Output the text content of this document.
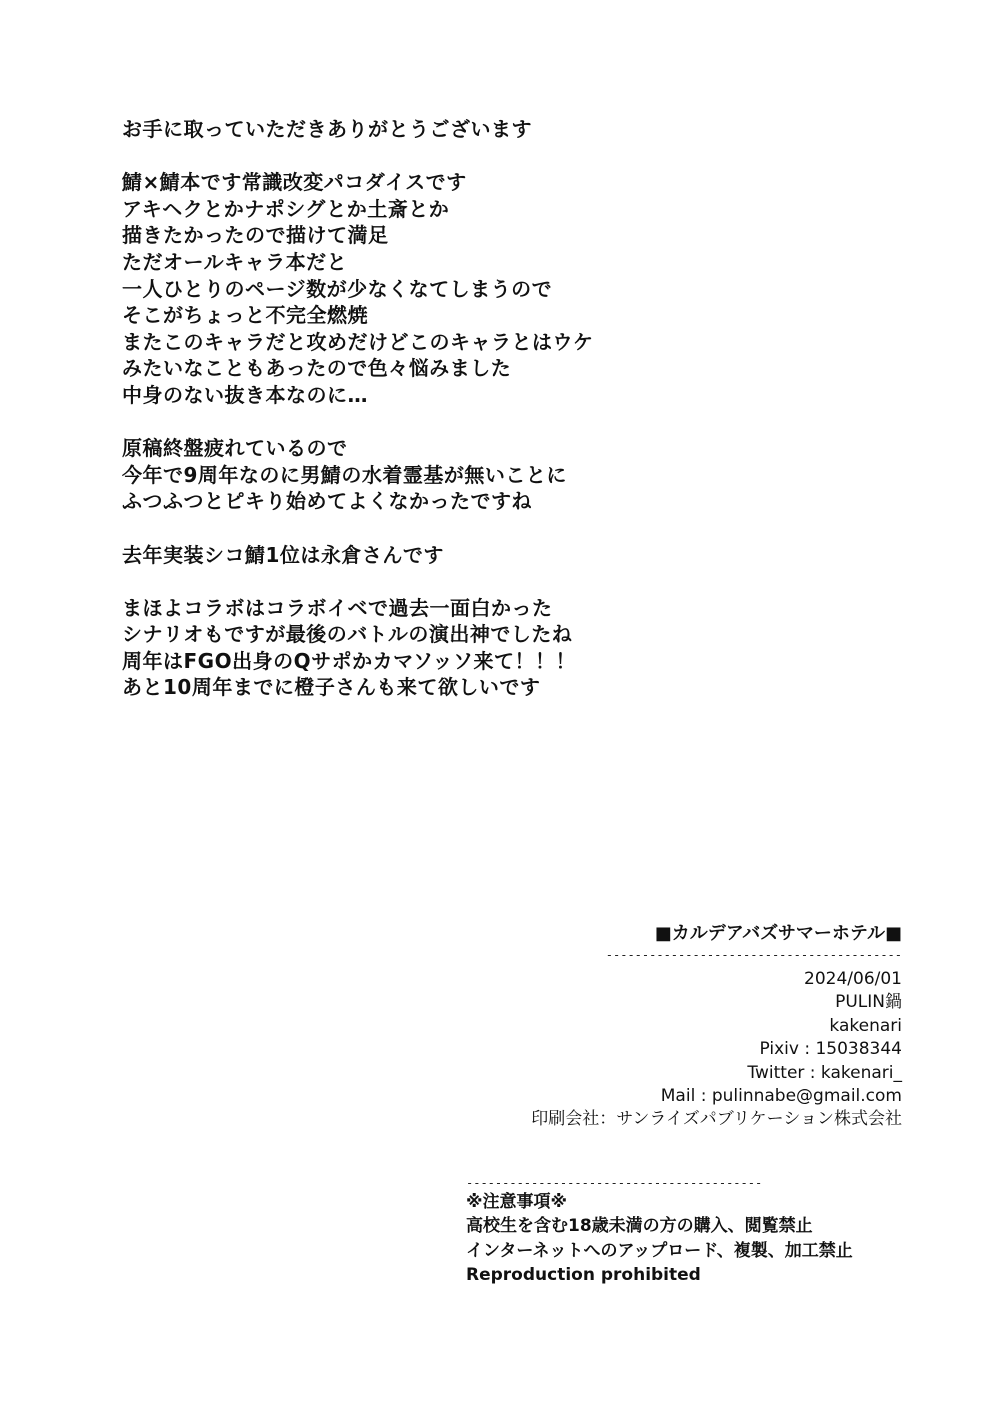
お手に取っていただきありがとうございます
鯖×鯖本です常識改変パコダイスです
アキヘクとかナポシグとか土斎とか
描きたかったので描けて満足
ただオールキャラ本だと
一人ひとりのページ数が少なくなてしまうので
そこがちょっと不完全燃焼
またこのキャラだと攻めだけどこのキャラとはウケ
みたいなこともあったので色々悩みました
中身のない抜き本なのに…
原稿終盤疲れているので
今年で9周年なのに男鯖の水着霊基が無いことに
ふつふつとピキり始めてよくなかったですね
去年実装シコ鯖1位は永倉さんです
まほよコラボはコラボイベで過去一面白かった
シナリオもですが最後のバトルの演出神でしたね
周年はFGO出身のQサポかカマソッソ来て！！！
あと10周年までに橙子さんも来て欲しいです
■カルデアバズサマーホテル■
-----------------------------------------
2024/06/01
PULIN鍋
kakenari
Pixiv : 15038344
Twitter : kakenari_
Mail : pulinnabe@gmail.com
印刷会社：サンライズパブリケーション株式会社
-----------------------------------------
※注意事項※
高校生を含む18歳未満の方の購入、閲覧禁止
インターネットへのアップロード、複製、加工禁止
Reproduction prohibited
